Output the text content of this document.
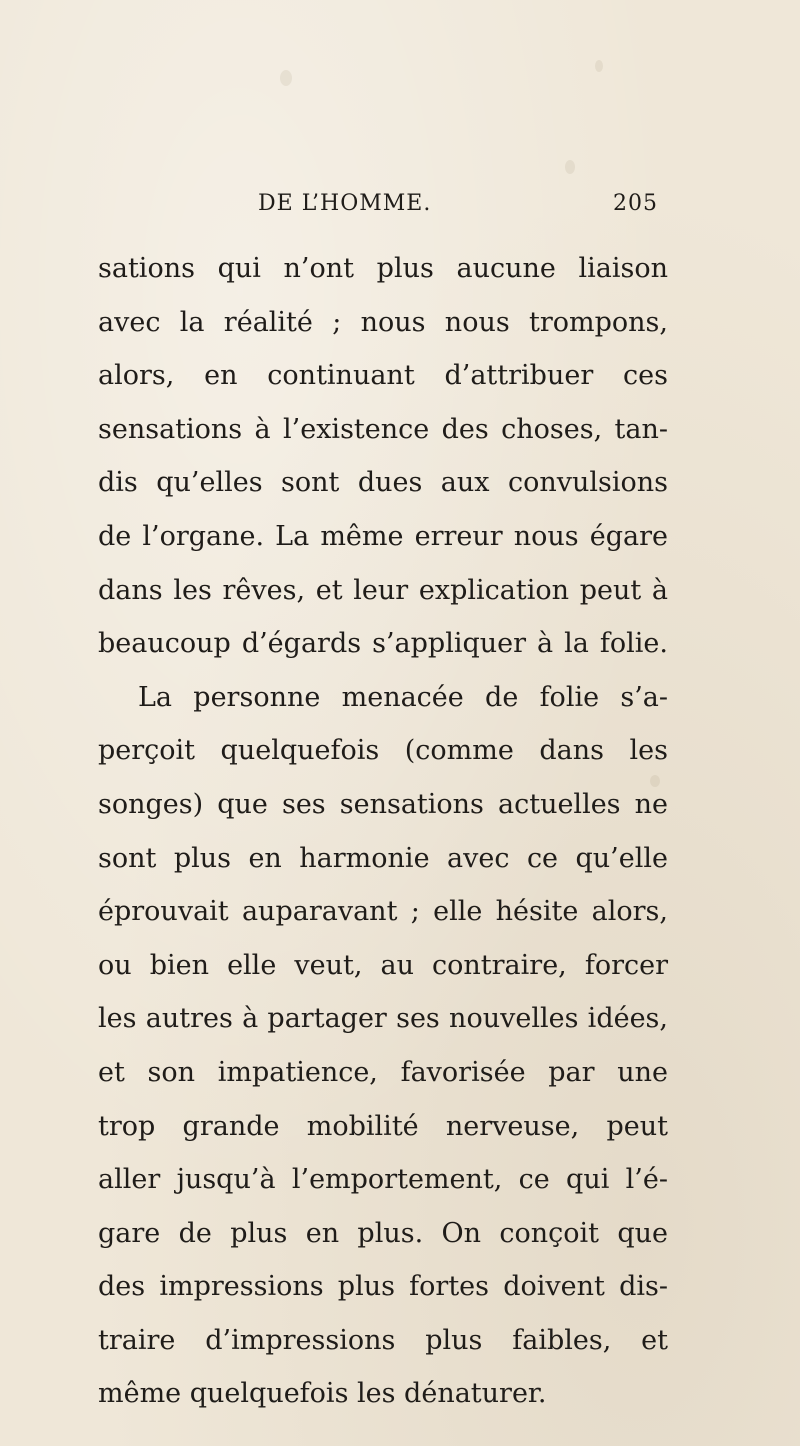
DE L’HOMME.	205
sations qui n’ont plus aucune liaison
avec la réalité ; nous nous trompons,
alors, en continuant d’attribuer ces
sensations à l’existence des choses, tan-
dis qu’elles sont dues aux convulsions
de l’organe. La même erreur nous égare
dans les rêves, et leur explication peut à
beaucoup d’égards s’appliquer à la folie.
La personne menacée de folie s’a-
perçoit quelquefois (comme dans les
songes) que ses sensations actuelles ne
sont plus en harmonie avec ce qu’elle
éprouvait auparavant ; elle hésite alors,
ou bien elle veut, au contraire, forcer
les autres à partager ses nouvelles idées,
et son impatience, favorisée par une
trop grande mobilité nerveuse, peut
aller jusqu’à l’emportement, ce qui l’é-
gare de plus en plus. On conçoit que
des impressions plus fortes doivent dis-
traire d’impressions plus faibles, et
même quelquefois les dénaturer.
